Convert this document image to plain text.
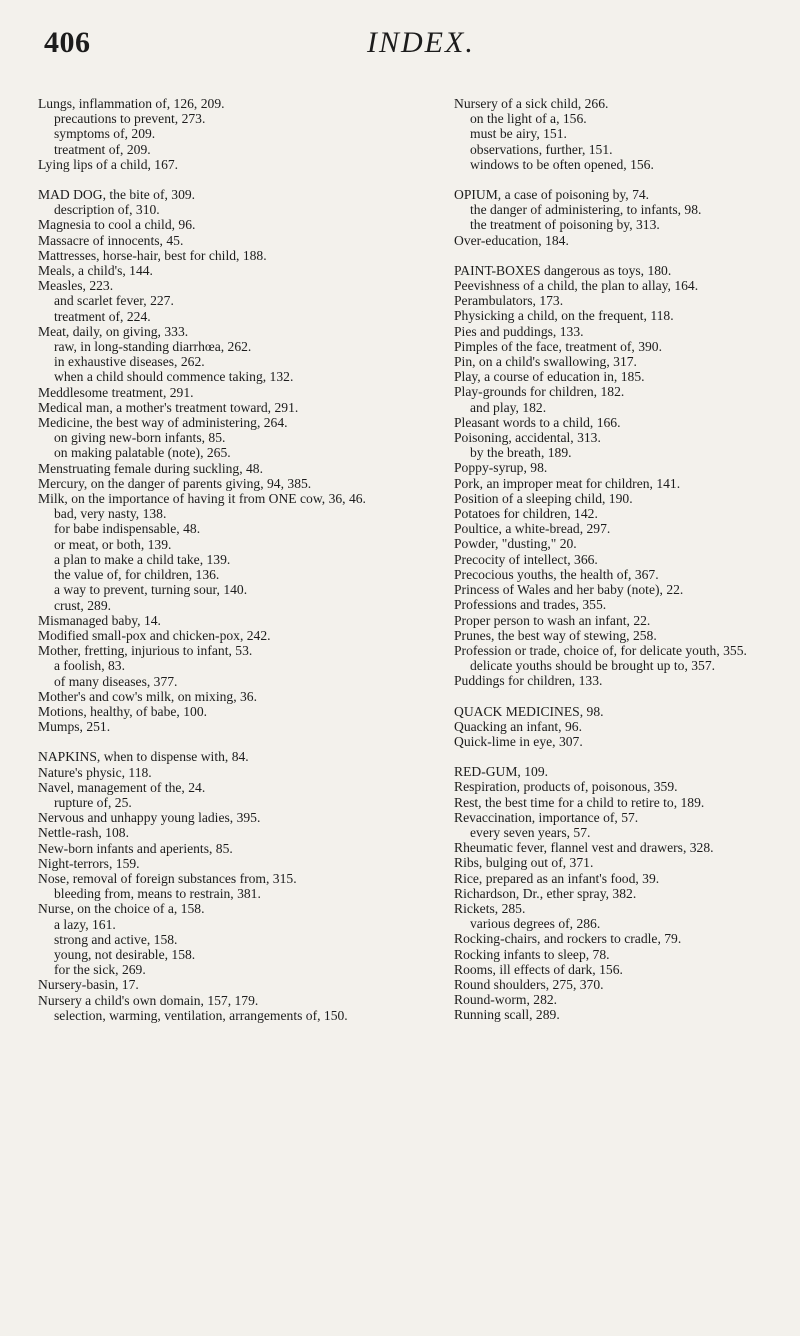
406	INDEX.
Lungs, inflammation of, 126, 209.
precautions to prevent, 273.
symptoms of, 209.
treatment of, 209.
Lying lips of a child, 167.
MAD DOG, the bite of, 309.
description of, 310.
Magnesia to cool a child, 96.
Massacre of innocents, 45.
Mattresses, horse-hair, best for child, 188.
Meals, a child's, 144.
Measles, 223.
and scarlet fever, 227.
treatment of, 224.
Meat, daily, on giving, 333.
raw, in long-standing diarrhœa, 262.
in exhaustive diseases, 262.
when a child should commence taking, 132.
Meddlesome treatment, 291.
Medical man, a mother's treatment toward, 291.
Medicine, the best way of administering, 264.
on giving new-born infants, 85.
on making palatable (note), 265.
Menstruating female during suckling, 48.
Mercury, on the danger of parents giving, 94, 385.
Milk, on the importance of having it from ONE cow, 36, 46.
bad, very nasty, 138.
for babe indispensable, 48.
or meat, or both, 139.
a plan to make a child take, 139.
the value of, for children, 136.
a way to prevent, turning sour, 140.
crust, 289.
Mismanaged baby, 14.
Modified small-pox and chicken-pox, 242.
Mother, fretting, injurious to infant, 53.
a foolish, 83.
of many diseases, 377.
Mother's and cow's milk, on mixing, 36.
Motions, healthy, of babe, 100.
Mumps, 251.
NAPKINS, when to dispense with, 84.
Nature's physic, 118.
Navel, management of the, 24.
rupture of, 25.
Nervous and unhappy young ladies, 395.
Nettle-rash, 108.
New-born infants and aperients, 85.
Night-terrors, 159.
Nose, removal of foreign substances from, 315.
bleeding from, means to restrain, 381.
Nurse, on the choice of a, 158.
a lazy, 161.
strong and active, 158.
young, not desirable, 158.
for the sick, 269.
Nursery-basin, 17.
Nursery a child's own domain, 157, 179.
selection, warming, ventilation, arrangements of, 150.
Nursery of a sick child, 266.
on the light of a, 156.
must be airy, 151.
observations, further, 151.
windows to be often opened, 156.
OPIUM, a case of poisoning by, 74.
the danger of administering, to infants, 98.
the treatment of poisoning by, 313.
Over-education, 184.
PAINT-BOXES dangerous as toys, 180.
Peevishness of a child, the plan to allay, 164.
Perambulators, 173.
Physicking a child, on the frequent, 118.
Pies and puddings, 133.
Pimples of the face, treatment of, 390.
Pin, on a child's swallowing, 317.
Play, a course of education in, 185.
Play-grounds for children, 182.
and play, 182.
Pleasant words to a child, 166.
Poisoning, accidental, 313.
by the breath, 189.
Poppy-syrup, 98.
Pork, an improper meat for children, 141.
Position of a sleeping child, 190.
Potatoes for children, 142.
Poultice, a white-bread, 297.
Powder, "dusting," 20.
Precocity of intellect, 366.
Precocious youths, the health of, 367.
Princess of Wales and her baby (note), 22.
Professions and trades, 355.
Proper person to wash an infant, 22.
Prunes, the best way of stewing, 258.
Profession or trade, choice of, for delicate youth, 355.
delicate youths should be brought up to, 357.
Puddings for children, 133.
QUACK MEDICINES, 98.
Quacking an infant, 96.
Quick-lime in eye, 307.
RED-GUM, 109.
Respiration, products of, poisonous, 359.
Rest, the best time for a child to retire to, 189.
Revaccination, importance of, 57.
every seven years, 57.
Rheumatic fever, flannel vest and drawers, 328.
Ribs, bulging out of, 371.
Rice, prepared as an infant's food, 39.
Richardson, Dr., ether spray, 382.
Rickets, 285.
various degrees of, 286.
Rocking-chairs, and rockers to cradle, 79.
Rocking infants to sleep, 78.
Rooms, ill effects of dark, 156.
Round shoulders, 275, 370.
Round-worm, 282.
Running scall, 289.
